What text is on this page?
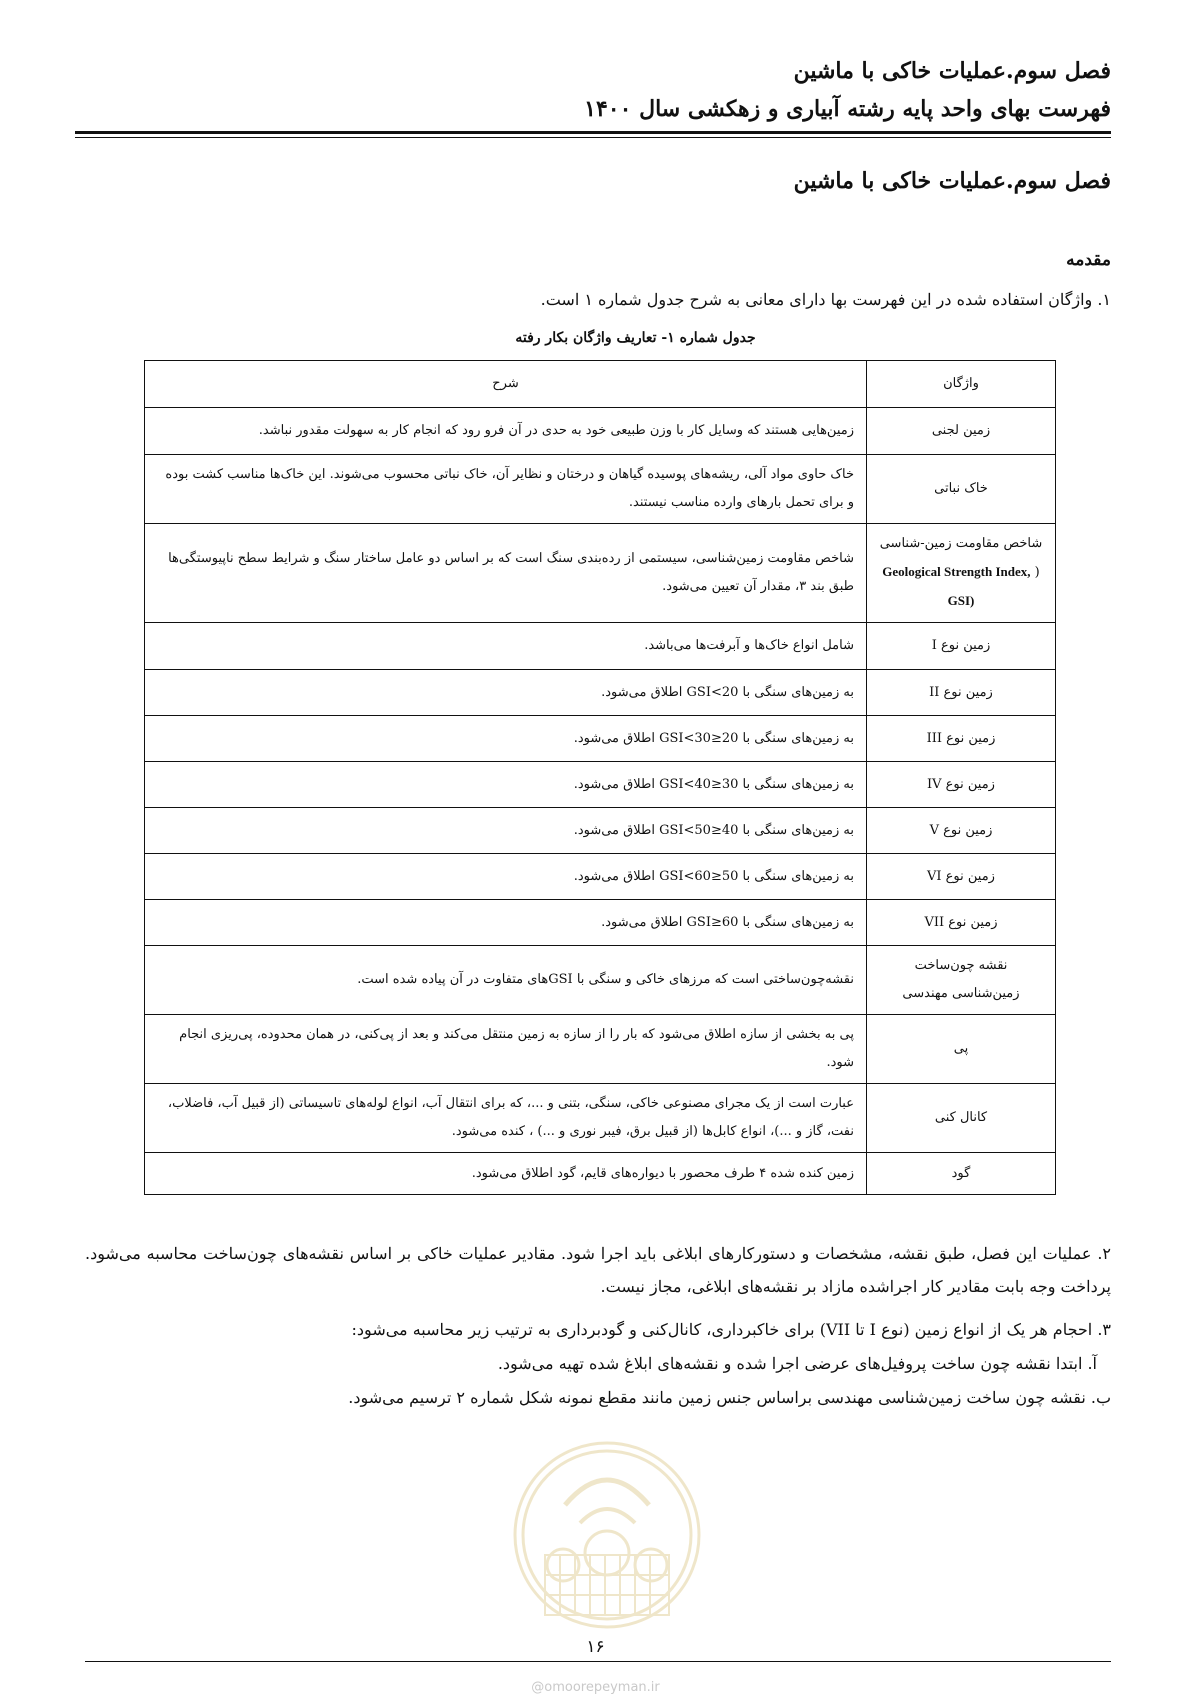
فصل سوم.عملیات خاکی با ماشین
فهرست بهای واحد پایه رشته آبیاری و زهکشی سال ۱۴۰۰
فصل سوم.عملیات خاکی با ماشین
مقدمه
۱. واژگان استفاده شده در این فهرست بها دارای معانی به شرح جدول شماره ۱ است.
جدول شماره ۱- تعاریف واژگان بکار رفته
واژگان	شرح
زمین لجنی	زمین‌هایی هستند که وسایل کار با وزن طبیعی خود به حدی در آن فرو رود که انجام کار به سهولت مقدور نباشد.
خاک نباتی	خاک حاوی مواد آلی، ریشه‌های پوسیده گیاهان و درختان و نظایر آن، خاک نباتی محسوب می‌شوند. این خاک‌ها مناسب کشت بوده و برای تحمل بارهای وارده مناسب نیستند.
شاخص مقاومت زمین-شناسی ( Geological Strength Index, GSI)	شاخص مقاومت زمین‌شناسی، سیستمی از رده‌بندی سنگ است که بر اساس دو عامل ساختار سنگ و شرایط سطح ناپیوستگی‌ها طبق بند ۳، مقدار آن تعیین می‌شود.
زمین نوع I	شامل انواع خاک‌ها و آبرفت‌ها می‌باشد.
زمین نوع II	به زمین‌های سنگی با GSI<20 اطلاق می‌شود.
زمین نوع III	به زمین‌های سنگی با 20≤GSI<30 اطلاق می‌شود.
زمین نوع IV	به زمین‌های سنگی با 30≤GSI<40 اطلاق می‌شود.
زمین نوع V	به زمین‌های سنگی با 40≤GSI<50 اطلاق می‌شود.
زمین نوع VI	به زمین‌های سنگی با 50≤GSI<60 اطلاق می‌شود.
زمین نوع VII	به زمین‌های سنگی با 60≤GSI اطلاق می‌شود.
نقشه چون‌ساخت زمین‌شناسی مهندسی	نقشه‌چون‌ساختی است که مرزهای خاکی و سنگی با GSIهای متفاوت در آن پیاده شده است.
پی	پی به بخشی از سازه اطلاق می‌شود که بار را از سازه به زمین منتقل می‌کند و بعد از پی‌کنی، در همان محدوده، پی‌ریزی انجام شود.
کانال کنی	عبارت است از یک مجرای مصنوعی خاکی، سنگی، بتنی و ...، که برای انتقال آب، انواع لوله‌های تاسیساتی (از قبیل آب، فاضلاب، نفت، گاز و ...)، انواع کابل‌ها (از قبیل برق، فیبر نوری و ...) ، کنده می‌شود.
گود	زمین کنده شده ۴ طرف محصور با دیواره‌های قایم، گود اطلاق می‌شود.
۲. عملیات این فصل، طبق نقشه، مشخصات و دستورکارهای ابلاغی باید اجرا شود. مقادیر عملیات خاکی بر اساس نقشه‌های چون‌ساخت محاسبه می‌شود. پرداخت وجه بابت مقادیر کار اجراشده مازاد بر نقشه‌های ابلاغی، مجاز نیست.
۳. احجام هر یک از انواع زمین (نوع I تا VII) برای خاکبرداری، کانال‌کنی و گودبرداری به ترتیب زیر محاسبه می‌شود:
آ. ابتدا نقشه چون ساخت پروفیل‌های عرضی اجرا شده و نقشه‌های ابلاغ شده تهیه می‌شود.
ب. نقشه چون ساخت زمین‌شناسی مهندسی براساس جنس زمین مانند مقطع نمونه شکل شماره ۲ ترسیم می‌شود.
۱۶
@omoorepeyman.ir
